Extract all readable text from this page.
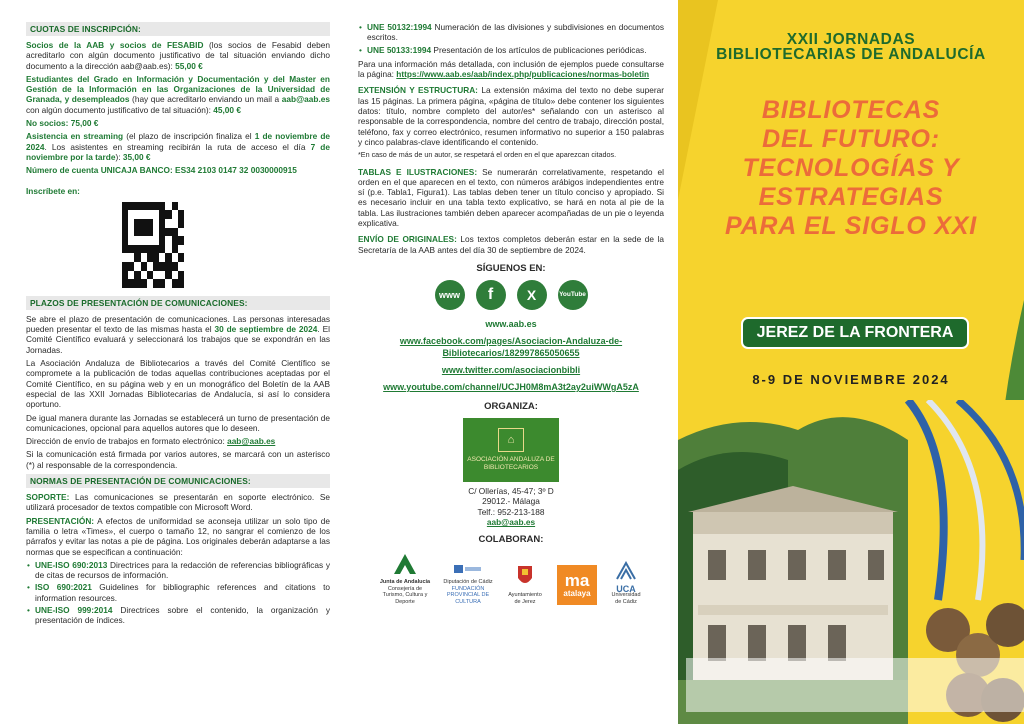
CUOTAS DE INSCRIPCIÓN:

Socios de la AAB y socios de FESABID (los socios de Fesabid deben acreditarlo con algún documento justificativo de tal situación enviando dicho documento a la dirección aab@aab.es): 55,00 €

Estudiantes del Grado en Información y Documentación y del Master en Gestión de la Información en las Organizaciones de la Universidad de Granada, y desempleados (hay que acreditarlo enviando un mail a aab@aab.es con algún documento justificativo de tal situación): 45,00 €

No socios: 75,00 €

Asistencia en streaming (el plazo de inscripción finaliza el 1 de noviembre de 2024. Los asistentes en streaming recibirán la ruta de acceso el día 7 de noviembre por la tarde): 35,00 €

Número de cuenta UNICAJA BANCO: ES34 2103 0147 32 0030000915

Inscríbete en:

PLAZOS DE PRESENTACIÓN DE COMUNICACIONES:

Se abre el plazo de presentación de comunicaciones. Las personas interesadas pueden presentar el texto de las mismas hasta el 30 de septiembre de 2024. El Comité Científico evaluará y seleccionará los trabajos que se expondrán en las Jornadas.

La Asociación Andaluza de Bibliotecarios a través del Comité Científico se compromete a la publicación de todas aquellas contribuciones aceptadas por el Comité Científico, en su página web y en un monográfico del Boletín de la AAB especial de las XXII Jornadas Bibliotecarias de Andalucía, si así lo considera oportuno.

De igual manera durante las Jornadas se establecerá un turno de presentación de comunicaciones, opcional para aquellos autores que lo deseen.

Dirección de envío de trabajos en formato electrónico: aab@aab.es

Si la comunicación está firmada por varios autores, se marcará con un asterisco (*) al responsable de la correspondencia.

NORMAS DE PRESENTACIÓN DE COMUNICACIONES:

SOPORTE: Las comunicaciones se presentarán en soporte electrónico. Se utilizará procesador de textos compatible con Microsoft Word.

PRESENTACIÓN: A efectos de uniformidad se aconseja utilizar un solo tipo de familia o letra «Times», el cuerpo o tamaño 12, no sangrar el comienzo de los párrafos y evitar las notas a pie de página. Los originales deberán adaptarse a las normas que se especifican a continuación:

• UNE-ISO 690:2013 Directrices para la redacción de referencias bibliográficas y de citas de recursos de información.
• ISO 690:2021 Guidelines for bibliographic references and citations to information resources.
• UNE-ISO 999:2014 Directrices sobre el contenido, la organización y presentación de índices.
• UNE 50132:1994 Numeración de las divisiones y subdivisiones en documentos escritos.
• UNE 50133:1994 Presentación de los artículos de publicaciones periódicas.

Para una información más detallada, con inclusión de ejemplos puede consultarse la página: https://www.aab.es/aab/index.php/publicaciones/normas-boletin

EXTENSIÓN Y ESTRUCTURA: La extensión máxima del texto no debe superar las 15 páginas. La primera página, «página de título» debe contener los siguientes datos: título, nombre completo del autor/es* señalando con un asterisco al responsable de la correspondencia, nombre del centro de trabajo, dirección postal, teléfono, fax y correo electrónico, resumen informativo no superior a 150 palabras y cinco palabras-clave identificando el contenido.

*En caso de más de un autor, se respetará el orden en el que aparezcan citados.

TABLAS E ILUSTRACIONES: Se numerarán correlativamente, respetando el orden en el que aparecen en el texto, con números arábigos independientes entre sí (p.e. Tabla1, Figura1). Las tablas deben tener un título conciso y apropiado. Si es necesario incluir en una tabla texto explicativo, se hará en nota al pie de la tabla. Las ilustraciones también deben aparecer acompañadas de un pie o leyenda explicativa.

ENVÍO DE ORIGINALES: Los textos completos deberán estar en la sede de la Secretaría de la AAB antes del día 30 de septiembre de 2024.

SÍGUENOS EN:
www	f	X	YouTube
www.aab.es
www.facebook.com/pages/Asociacion-Andaluza-de-Bibliotecarios/182997865050655
www.twitter.com/asociacionbibli
www.youtube.com/channel/UCJH0M8mA3t2ay2uiWWgA5zA
ORGANIZA:
⌂
ASOCIACIÓN ANDALUZA DE BIBLIOTECARIOS
C/ Ollerías, 45-47; 3º D
29012.- Málaga
Telf.: 952-213-188
aab@aab.es
COLABORAN:
Junta de Andalucía
Consejería de Turismo, Cultura y Deporte
Diputación de Cádiz
FUNDACIÓN PROVINCIAL DE CULTURA
Ayuntamiento de Jerez
ma
atalaya	UCA
Universidad de Cádiz
XXII JORNADAS
BIBLIOTECARIAS DE ANDALUCÍA
BIBLIOTECAS
DEL FUTURO:
TECNOLOGÍAS Y
ESTRATEGIAS
PARA EL SIGLO XXI
JEREZ DE LA FRONTERA
8-9 DE NOVIEMBRE 2024
